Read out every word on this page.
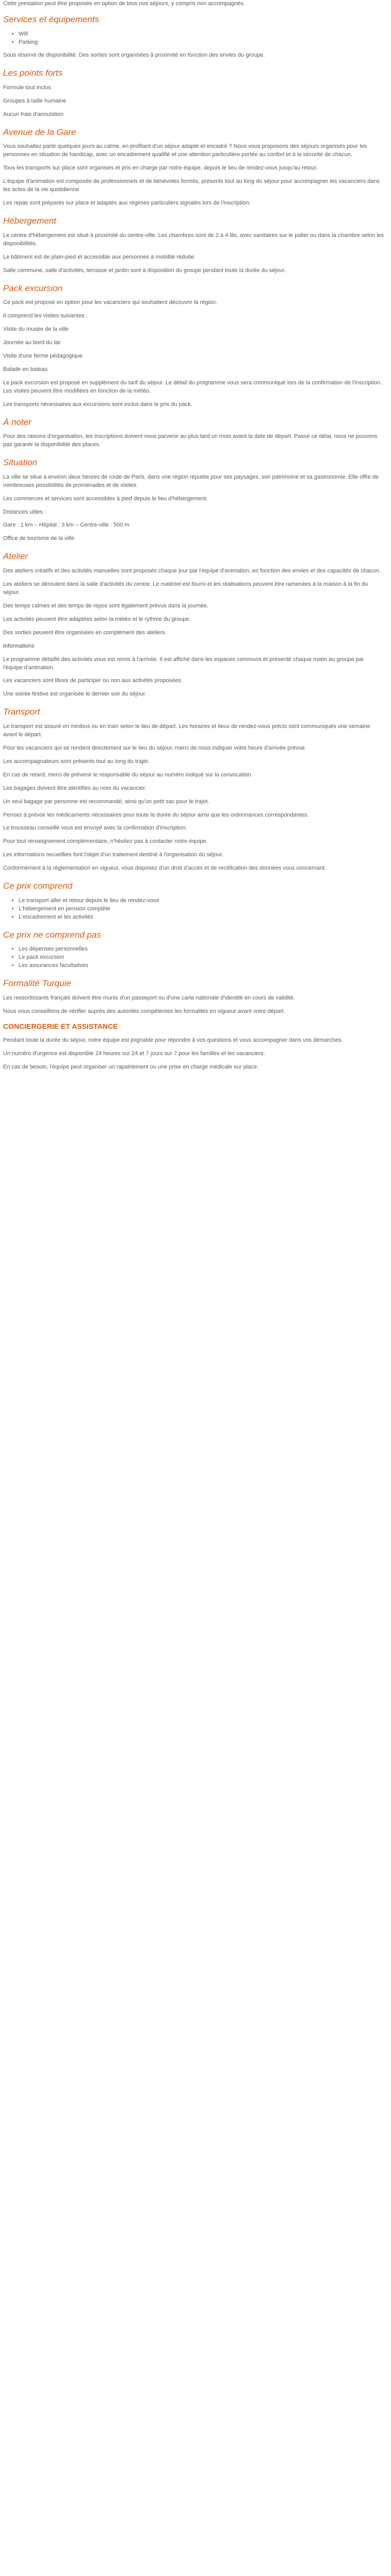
Cette prestation peut être proposée en option de tous nos séjours, y compris non accompagnés.

Services et équipements
• Wifi
• Parking

Sous réserve de disponibilité. Des sorties sont organisées à proximité en fonction des envies du groupe.

Les points forts

Formule tout inclus

Groupes à taille humaine

Aucun frais d'annulation

Avenue de la Gare

Vous souhaitez partir quelques jours au calme, en profitant d'un séjour adapté et encadré ? Nous vous proposons des séjours organisés pour les personnes en situation de handicap, avec un encadrement qualifié et une attention particulière portée au confort et à la sécurité de chacun.

Tous les transports sur place sont organisés et pris en charge par notre équipe, depuis le lieu de rendez-vous jusqu'au retour.

L'équipe d'animation est composée de professionnels et de bénévoles formés, présents tout au long du séjour pour accompagner les vacanciers dans les actes de la vie quotidienne.

Les repas sont préparés sur place et adaptés aux régimes particuliers signalés lors de l'inscription.

Hébergement

Le centre d'hébergement est situé à proximité du centre-ville. Les chambres sont de 2 à 4 lits, avec sanitaires sur le palier ou dans la chambre selon les disponibilités.

Le bâtiment est de plain-pied et accessible aux personnes à mobilité réduite.

Salle commune, salle d'activités, terrasse et jardin sont à disposition du groupe pendant toute la durée du séjour.

Pack excursion

Ce pack est proposé en option pour les vacanciers qui souhaitent découvrir la région.

Il comprend les visites suivantes :

Visite du musée de la ville

Journée au bord du lac

Visite d'une ferme pédagogique

Balade en bateau

Le pack excursion est proposé en supplément du tarif du séjour. Le détail du programme vous sera communiqué lors de la confirmation de l'inscription. Les visites peuvent être modifiées en fonction de la météo.

Les transports nécessaires aux excursions sont inclus dans le prix du pack.

À noter

Pour des raisons d'organisation, les inscriptions doivent nous parvenir au plus tard un mois avant la date de départ. Passé ce délai, nous ne pouvons pas garantir la disponibilité des places.

Situation

La ville se situe à environ deux heures de route de Paris, dans une région réputée pour ses paysages, son patrimoine et sa gastronomie. Elle offre de nombreuses possibilités de promenades et de visites.

Les commerces et services sont accessibles à pied depuis le lieu d'hébergement.

Distances utiles :

Gare : 1 km – Hôpital : 3 km – Centre-ville : 500 m

Office de tourisme de la ville

Atelier

Des ateliers créatifs et des activités manuelles sont proposés chaque jour par l'équipe d'animation, en fonction des envies et des capacités de chacun.

Les ateliers se déroulent dans la salle d'activités du centre. Le matériel est fourni et les réalisations peuvent être ramenées à la maison à la fin du séjour.

Des temps calmes et des temps de repos sont également prévus dans la journée.

Les activités peuvent être adaptées selon la météo et le rythme du groupe.

Des sorties peuvent être organisées en complément des ateliers.

Informations

Le programme détaillé des activités vous est remis à l'arrivée. Il est affiché dans les espaces communs et présenté chaque matin au groupe par l'équipe d'animation.

Les vacanciers sont libres de participer ou non aux activités proposées.

Une soirée festive est organisée le dernier soir du séjour.

Transport

Le transport est assuré en minibus ou en train selon le lieu de départ. Les horaires et lieux de rendez-vous précis sont communiqués une semaine avant le départ.

Pour les vacanciers qui se rendent directement sur le lieu du séjour, merci de nous indiquer votre heure d'arrivée prévue.

Les accompagnateurs sont présents tout au long du trajet.

En cas de retard, merci de prévenir le responsable du séjour au numéro indiqué sur la convocation.

Les bagages doivent être identifiés au nom du vacancier.

Un seul bagage par personne est recommandé, ainsi qu'un petit sac pour le trajet.

Pensez à prévoir les médicaments nécessaires pour toute la durée du séjour ainsi que les ordonnances correspondantes.

Le trousseau conseillé vous est envoyé avec la confirmation d'inscription.

Pour tout renseignement complémentaire, n'hésitez pas à contacter notre équipe.

Les informations recueillies font l'objet d'un traitement destiné à l'organisation du séjour.

Conformément à la réglementation en vigueur, vous disposez d'un droit d'accès et de rectification des données vous concernant.

Ce prix comprend
• Le transport aller et retour depuis le lieu de rendez-vous
• L'hébergement en pension complète
• L'encadrement et les activités
Ce prix ne comprend pas
• Les dépenses personnelles
• Le pack excursion
• Les assurances facultatives
Formalité Turquie

Les ressortissants français doivent être munis d'un passeport ou d'une carte nationale d'identité en cours de validité.

Nous vous conseillons de vérifier auprès des autorités compétentes les formalités en vigueur avant votre départ.

CONCIERGERIE ET ASSISTANCE

Pendant toute la durée du séjour, notre équipe est joignable pour répondre à vos questions et vous accompagner dans vos démarches.

Un numéro d'urgence est disponible 24 heures sur 24 et 7 jours sur 7 pour les familles et les vacanciers.

En cas de besoin, l'équipe peut organiser un rapatriement ou une prise en charge médicale sur place.
